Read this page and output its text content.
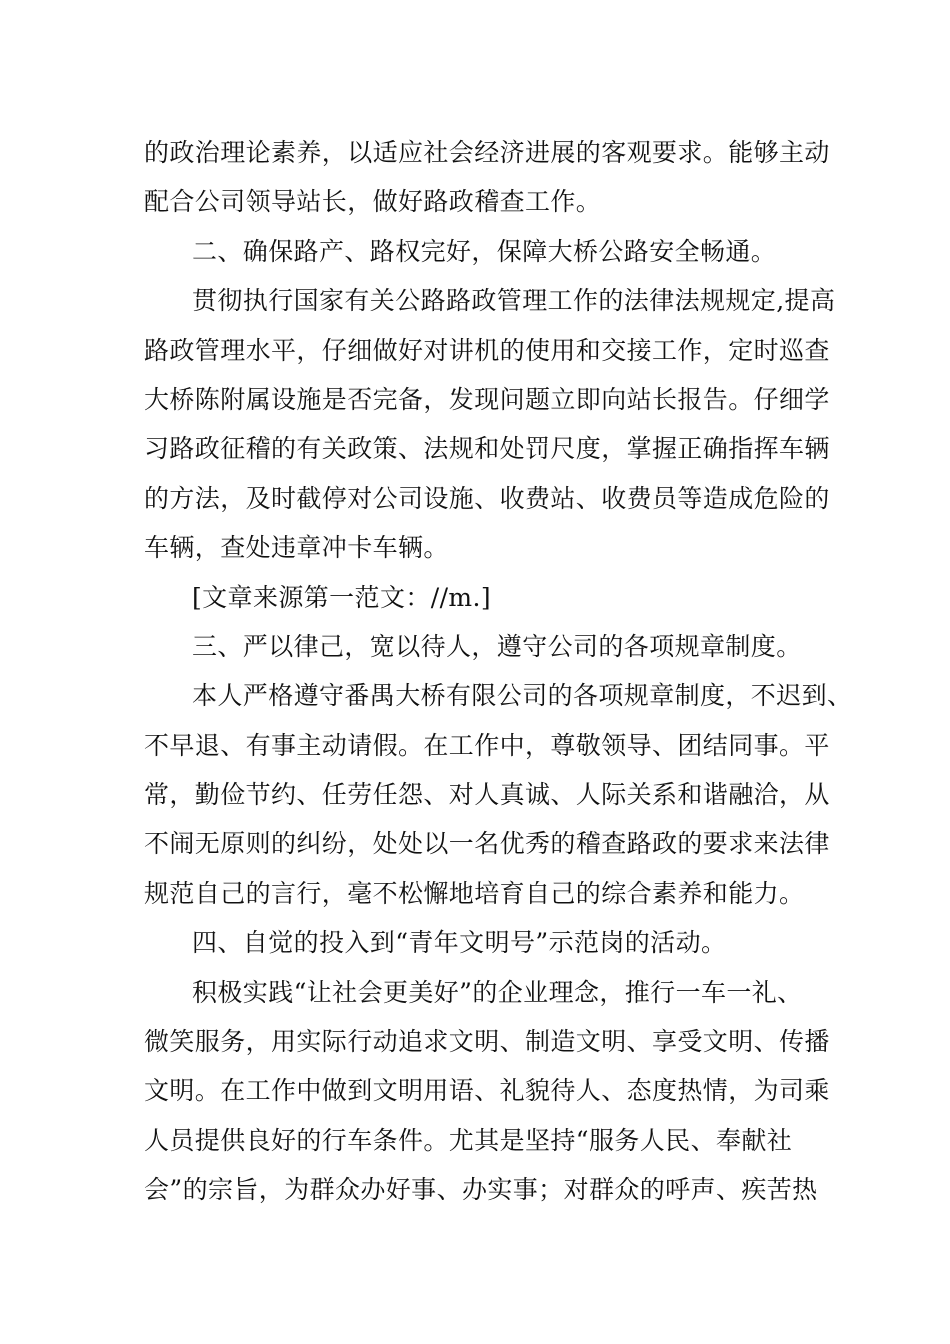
的政治理论素养，以适应社会经济进展的客观要求。能够主动
配合公司领导站长，做好路政稽查工作。
二、确保路产、路权完好，保障大桥公路安全畅通。
贯彻执行国家有关公路路政管理工作的法律法规规定,提高
路政管理水平，仔细做好对讲机的使用和交接工作，定时巡查
大桥陈附属设施是否完备，发现问题立即向站长报告。仔细学
习路政征稽的有关政策、法规和处罚尺度，掌握正确指挥车辆
的方法，及时截停对公司设施、收费站、收费员等造成危险的
车辆，查处违章冲卡车辆。
[文章来源第一范文：//m.]
三、严以律己，宽以待人，遵守公司的各项规章制度。
本人严格遵守番禺大桥有限公司的各项规章制度，不迟到、
不早退、有事主动请假。在工作中，尊敬领导、团结同事。平
常，勤俭节约、任劳任怨、对人真诚、人际关系和谐融洽，从
不闹无原则的纠纷，处处以一名优秀的稽查路政的要求来法律
规范自己的言行，毫不松懈地培育自己的综合素养和能力。
四、自觉的投入到“青年文明号”示范岗的活动。
积极实践“让社会更美好”的企业理念，推行一车一礼、
微笑服务，用实际行动追求文明、制造文明、享受文明、传播
文明。在工作中做到文明用语、礼貌待人、态度热情，为司乘
人员提供良好的行车条件。尤其是坚持“服务人民、奉献社
会”的宗旨，为群众办好事、办实事；对群众的呼声、疾苦热
